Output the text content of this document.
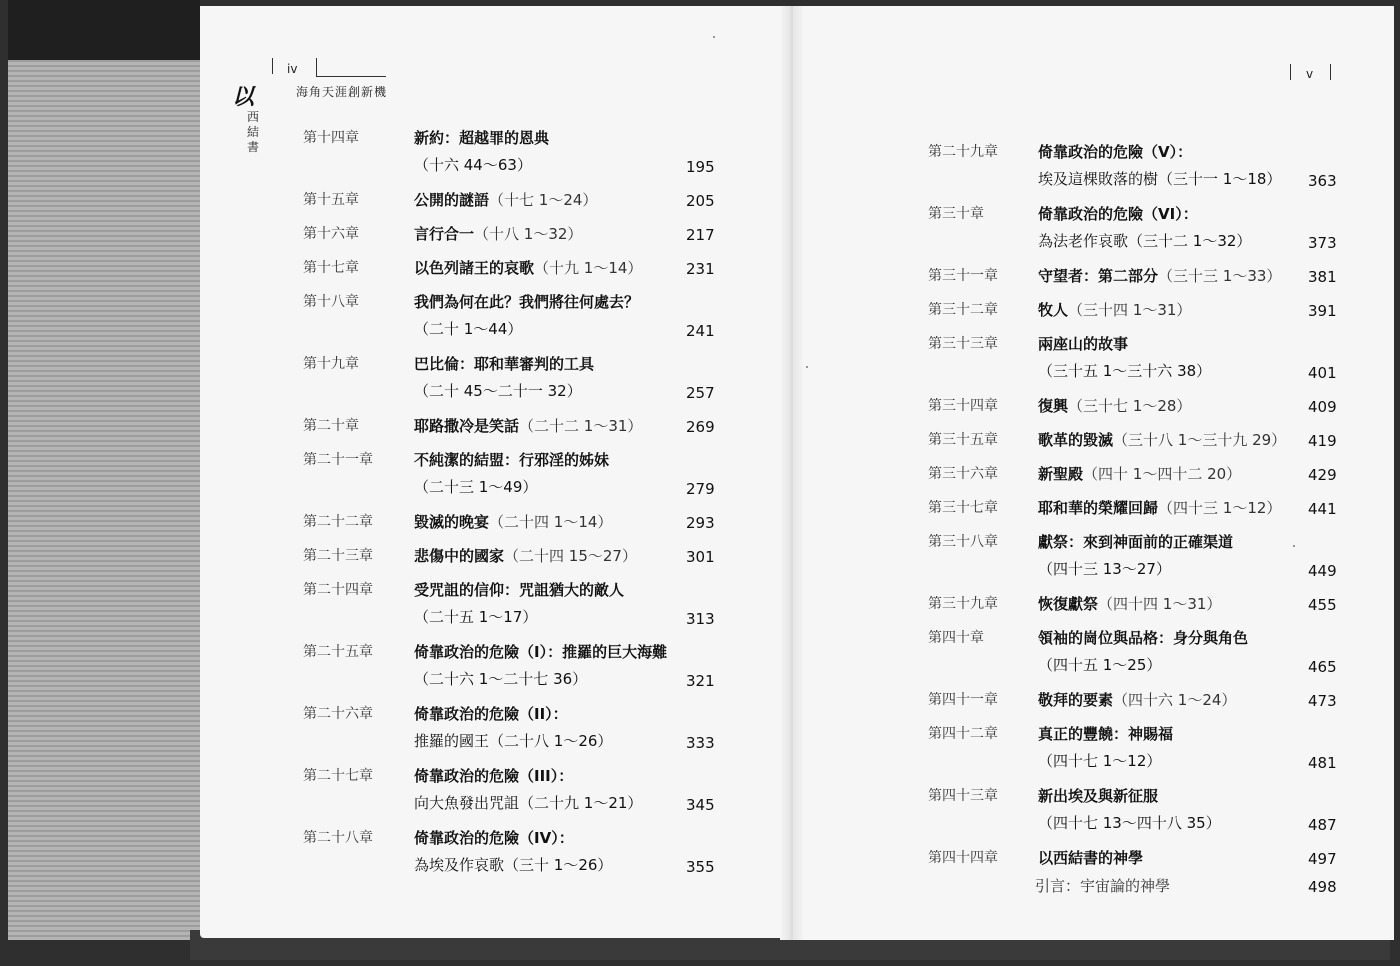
iv
海角天涯創新機
以
西
結
書
v
第十四章	新約：超越罪的恩典
（十六 44～63）	195
第十五章	公開的謎語（十七 1～24）	205
第十六章	言行合一（十八 1～32）	217
第十七章	以色列諸王的哀歌（十九 1～14）	231
第十八章	我們為何在此？我們將往何處去？
（二十 1～44）	241
第十九章	巴比倫：耶和華審判的工具
（二十 45～二十一 32）	257
第二十章	耶路撒冷是笑話（二十二 1～31）	269
第二十一章	不純潔的結盟：行邪淫的姊妹
（二十三 1～49）	279
第二十二章	毀滅的晚宴（二十四 1～14）	293
第二十三章	悲傷中的國家（二十四 15～27）	301
第二十四章	受咒詛的信仰：咒詛猶大的敵人
（二十五 1～17）	313
第二十五章	倚靠政治的危險（I）：推羅的巨大海難
（二十六 1～二十七 36）	321
第二十六章	倚靠政治的危險（II）：
推羅的國王（二十八 1～26）	333
第二十七章	倚靠政治的危險（III）：
向大魚發出咒詛（二十九 1～21）	345
第二十八章	倚靠政治的危險（IV）：
為埃及作哀歌（三十 1～26）	355
第二十九章	倚靠政治的危險（V）：
埃及這棵敗落的樹（三十一 1～18） 363
第三十章	倚靠政治的危險（VI）：
為法老作哀歌（三十二 1～32）	373
第三十一章	守望者：第二部分（三十三 1～33） 381
第三十二章	牧人（三十四 1～31）	391
第三十三章	兩座山的故事
（三十五 1～三十六 38）	401
第三十四章	復興（三十七 1～28）	409
第三十五章	歌革的毀滅（三十八 1～三十九 29） 419
第三十六章	新聖殿（四十 1～四十二 20）	429
第三十七章	耶和華的榮耀回歸（四十三 1～12） 441
第三十八章	獻祭：來到神面前的正確渠道
（四十三 13～27）	449
第三十九章	恢復獻祭（四十四 1～31）	455
第四十章	領袖的崗位與品格：身分與角色
（四十五 1～25）	465
第四十一章	敬拜的要素（四十六 1～24）	473
第四十二章	真正的豐饒：神賜福
（四十七 1～12）	481
第四十三章	新出埃及與新征服
（四十七 13～四十八 35）	487
第四十四章	以西結書的神學	497
引言：宇宙論的神學	498
